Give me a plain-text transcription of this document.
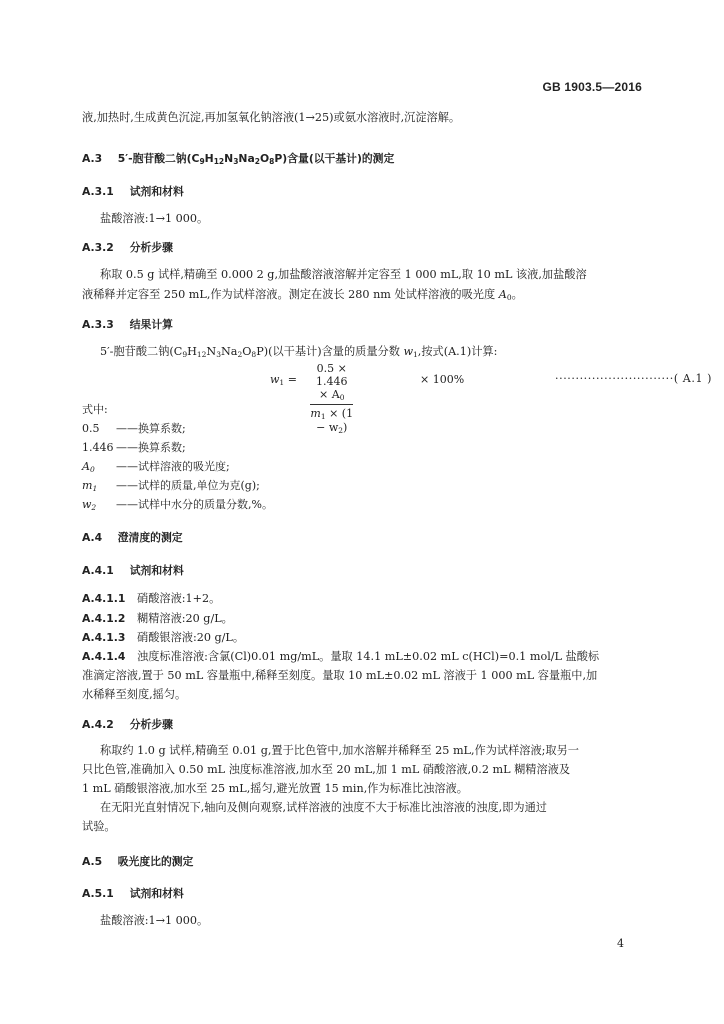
GB 1903.5—2016
液,加热时,生成黄色沉淀,再加氢氧化钠溶液(1→25)或氨水溶液时,沉淀溶解。
A.3 5′-胞苷酸二钠$(C_9H_{12}N_3Na_2O_8P)$含量(以干基计)的测定
A.3.1 试剂和材料
盐酸溶液:1→1 000。
A.3.2 分析步骤
称取 0.5 g 试样,精确至 0.000 2 g,加盐酸溶液溶解并定容至 1 000 mL,取 10 mL 该液,加盐酸溶
液稀释并定容至 250 mL,作为试样溶液。测定在波长 280 nm 处试样溶液的吸光度 $A_0$。
A.3.3 结果计算
5′-胞苷酸二钠$(C_9H_{12}N_3Na_2O_8P)$(以干基计)含量的质量分数 $w_1$,按式(A.1)计算:
$w_1 = \frac{0.5 \times 1.446 \times A_0}{m_1 \times (1 - w_2)}$	× 100%	·····························( A.1 )
式中:
0.5 ——换算系数;
1.446 ——换算系数;
$A_0$ ——试样溶液的吸光度;
$m_1$ ——试样的质量,单位为克(g);
$w_2$ ——试样中水分的质量分数,%。
A.4 澄清度的测定
A.4.1 试剂和材料
A.4.1.1 硝酸溶液:1+2。
A.4.1.2 糊精溶液:20 g/L。
A.4.1.3 硝酸银溶液:20 g/L。
A.4.1.4 浊度标准溶液:含氯(Cl)0.01 mg/mL。量取 14.1 mL±0.02 mL c(HCl)=0.1 mol/L 盐酸标
准滴定溶液,置于 50 mL 容量瓶中,稀释至刻度。量取 10 mL±0.02 mL 溶液于 1 000 mL 容量瓶中,加
水稀释至刻度,摇匀。
A.4.2 分析步骤
称取约 1.0 g 试样,精确至 0.01 g,置于比色管中,加水溶解并稀释至 25 mL,作为试样溶液;取另一
只比色管,准确加入 0.50 mL 浊度标准溶液,加水至 20 mL,加 1 mL 硝酸溶液,0.2 mL 糊精溶液及
1 mL 硝酸银溶液,加水至 25 mL,摇匀,避光放置 15 min,作为标准比浊溶液。
在无阳光直射情况下,轴向及侧向观察,试样溶液的浊度不大于标准比浊溶液的浊度,即为通过
试验。
A.5 吸光度比的测定
A.5.1 试剂和材料
盐酸溶液:1→1 000。
4
